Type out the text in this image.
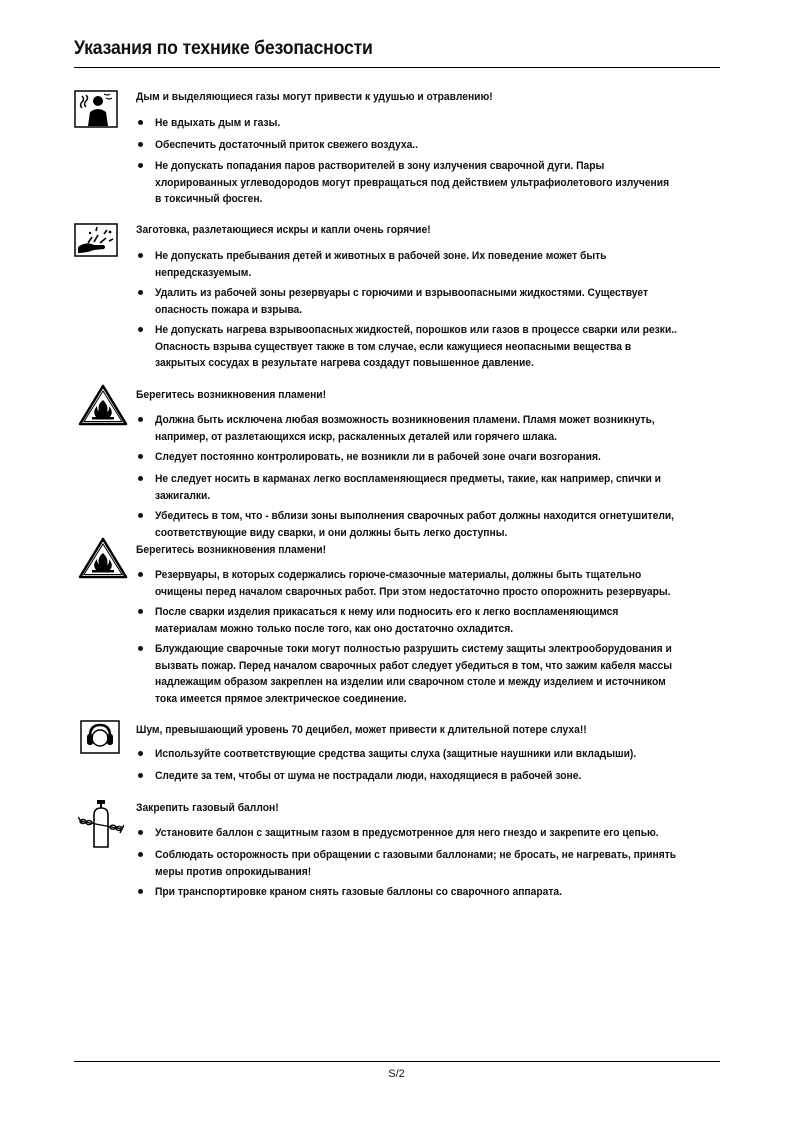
Указания по технике безопасности
Дым и выделяющиеся газы могут привести к удушью и отравлению!
Не вдыхать дым и газы.
Обеспечить достаточный приток свежего воздуха..
Не допускать попадания паров растворителей в зону излучения сварочной дуги. Пары
хлорированных углеводородов могут превращаться под действием ультрафиолетового излучения
в токсичный фосген.
Заготовка, разлетающиеся искры и капли очень горячие!
Не допускать пребывания детей и животных в рабочей зоне. Их поведение может быть
непредсказуемым.
Удалить из рабочей зоны резервуары с горючими и взрывоопасными жидкостями. Существует
опасность пожара и взрыва.
Не допускать нагрева взрывоопасных жидкостей, порошков или газов в процессе сварки или резки..
Опасность взрыва существует также в том случае, если кажущиеся неопасными вещества в
закрытых сосудах в результате нагрева создадут повышенное давление.
Берегитесь возникновения пламени!
Должна быть исключена любая возможность возникновения пламени. Пламя может возникнуть,
например, от разлетающихся искр, раскаленных деталей или горячего шлака.
Следует постоянно контролировать, не возникли ли в рабочей зоне очаги возгорания.
Не следует носить в карманах легко воспламеняющиеся предметы, такие, как например, спички и
зажигалки.
Убедитесь в том, что - вблизи зоны выполнения сварочных работ должны находится огнетушители,
соответствующие виду сварки, и они должны быть легко доступны.
Берегитесь возникновения пламени!
Резервуары, в которых содержались горюче-смазочные материалы, должны быть тщательно
очищены перед началом сварочных работ. При этом недостаточно просто опорожнить резервуары.
После сварки изделия прикасаться к нему или подносить его к легко воспламеняющимся
материалам можно только после того, как оно достаточно охладится.
Блуждающие сварочные токи могут полностью разрушить систему защиты электрооборудования и
вызвать пожар. Перед началом сварочных работ следует убедиться в том, что зажим кабеля массы
надлежащим образом закреплен на изделии или сварочном столе и между изделием и источником
тока имеется прямое электрическое соединение.
Шум, превышающий уровень 70 децибел, может привести к длительной потере слуха!!
Используйте соответствующие средства защиты слуха (защитные наушники или вкладыши).
Следите за тем, чтобы от шума не пострадали люди, находящиеся в рабочей зоне.
Закрепить газовый баллон!
Установите баллон с защитным газом в предусмотренное для него гнездо и закрепите его цепью.
Соблюдать осторожность при обращении с газовыми баллонами; не бросать, не нагревать, принять
меры против опрокидывания!
При транспортировке краном снять газовые баллоны со сварочного аппарата.
S/2
